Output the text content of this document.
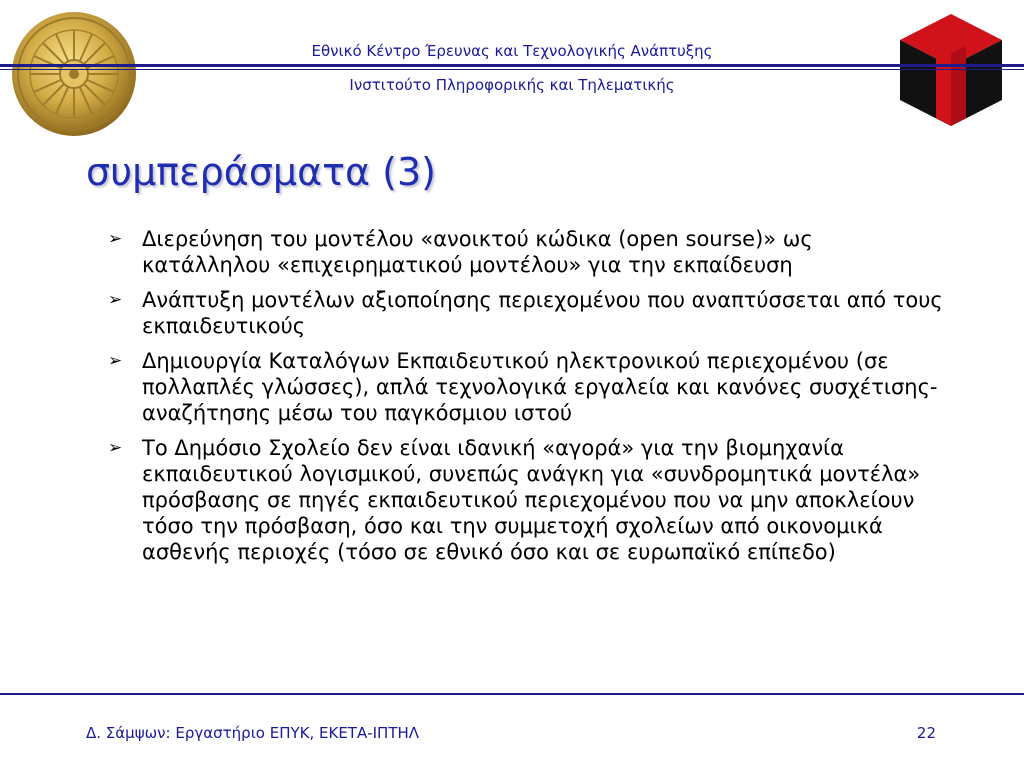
Εθνικό Κέντρο Έρευνας και Τεχνολογικής Ανάπτυξης
Ινστιτούτο Πληροφορικής και Τηλεματικής
συμπεράσματα (3)
➢ Διερεύνηση του μοντέλου «ανοικτού κώδικα (open sourse)» ως κατάλληλου «επιχειρηματικού μοντέλου» για την εκπαίδευση
➢ Ανάπτυξη μοντέλων αξιοποίησης περιεχομένου που αναπτύσσεται από τους εκπαιδευτικούς
➢ Δημιουργία Καταλόγων Εκπαιδευτικού ηλεκτρονικού περιεχομένου (σε πολλαπλές γλώσσες), απλά τεχνολογικά εργαλεία και κανόνες συσχέτισης-αναζήτησης μέσω του παγκόσμιου ιστού
➢ Το Δημόσιο Σχολείο δεν είναι ιδανική «αγορά» για την βιομηχανία εκπαιδευτικού λογισμικού, συνεπώς ανάγκη για «συνδρομητικά μοντέλα» πρόσβασης σε πηγές εκπαιδευτικού περιεχομένου που να μην αποκλείουν τόσο την πρόσβαση, όσο και την συμμετοχή σχολείων από οικονομικά ασθενής περιοχές (τόσο σε εθνικό όσο και σε ευρωπαϊκό επίπεδο)
Δ. Σάμψων: Εργαστήριο ΕΠΥΚ, ΕΚΕΤΑ-ΙΠΤΗΛ	22
